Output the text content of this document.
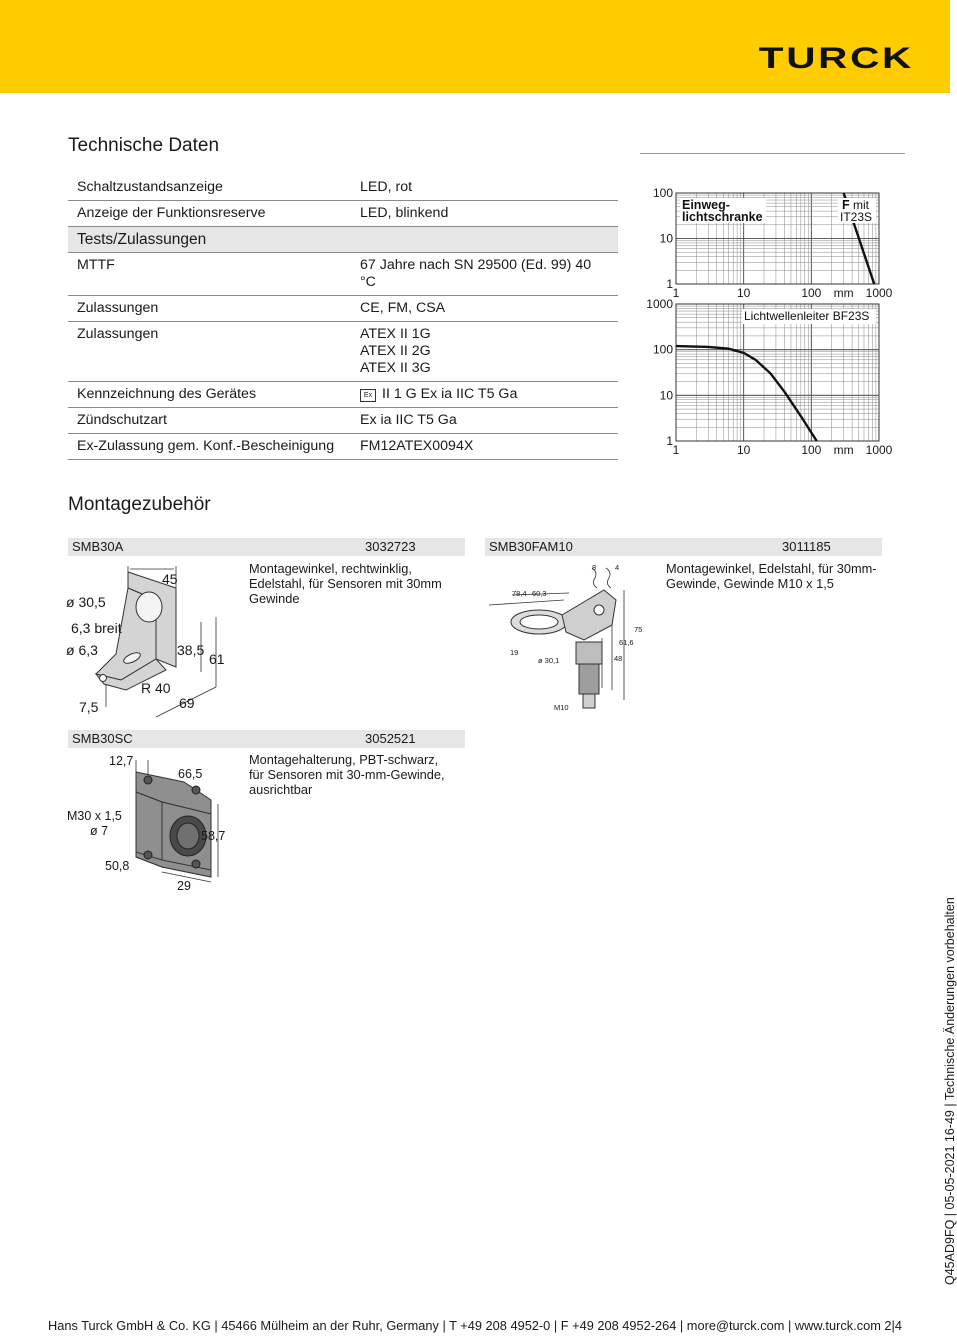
TURCK
Technische Daten
Schaltzustandsanzeige	LED, rot

Anzeige der Funktionsreserve	LED, blinkend

Tests/Zulassungen	
MTTF	67 Jahre nach SN 29500 (Ed. 99) 40 °C

Zulassungen	CE, FM, CSA

Zulassungen	ATEX II 1G
ATEX II 2G
ATEX II 3G

Kennzeichnung des Gerätes	Ex II 1 G Ex ia IIC T5 Ga

Zündschutzart	Ex ia IIC T5 Ga

Ex-Zulassung gem. Konf.-Bescheinigung	FM12ATEX0094X
1
10
100
1	10	100	1000
mm
Einweg-
lichtschranke
F mit
IT23S
1
10
100
1000
1	10	100	1000
mm
Lichtwellenleiter BF23S
Montagezubehör
SMB30A	3032723
Montagewinkel, rechtwinklig,
Edelstahl, für Sensoren mit 30mm
Gewinde
45
ø 30,5
6,3 breit
ø 6,3	38,5
61
R 40
7,5	69
SMB30FAM10	3011185
Montagewinkel, Edelstahl, für 30mm-
Gewinde, Gewinde M10 x 1,5
8	4
78,4 60,3
75
61,6
48
19
ø 30,1
M10
SMB30SC	3052521
Montagehalterung, PBT-schwarz,
für Sensoren mit 30-mm-Gewinde,
ausrichtbar
12,7
66,5
M30 x 1,5
ø 7	58,7
50,8
29
Q45AD9FQ | 05-05-2021 16-49 | Technische Änderungen vorbehalten
Hans Turck GmbH & Co. KG | 45466 Mülheim an der Ruhr, Germany | T +49 208 4952-0 | F +49 208 4952-264 | more@turck.com | www.turck.com 2|4
